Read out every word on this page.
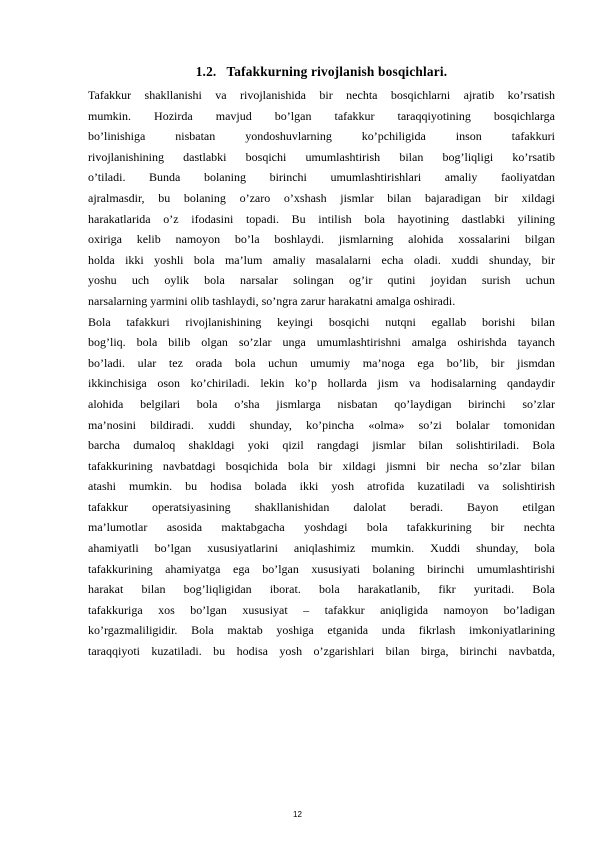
1.2. Tafakkurning rivojlanish bosqichlari.

Tafakkur shakllanishi va rivojlanishida bir nechta bosqichlarni ajratib ko’rsatish
mumkin. Hozirda mavjud bo’lgan tafakkur taraqqiyotining bosqichlarga
bo’linishiga nisbatan yondoshuvlarning ko’pchiligida inson tafakkuri
rivojlanishining dastlabki bosqichi umumlashtirish bilan bog’liqligi ko’rsatib
o’tiladi. Bunda bolaning birinchi umumlashtirishlari amaliy faoliyatdan
ajralmasdir, bu bolaning o’zaro o’xshash jismlar bilan bajaradigan bir xildagi
harakatlarida o’z ifodasini topadi. Bu intilish bola hayotining dastlabki yilining
oxiriga kelib namoyon bo’la boshlaydi. jismlarning alohida xossalarini bilgan
holda ikki yoshli bola ma’lum amaliy masalalarni echa oladi. xuddi shunday, bir
yoshu uch oylik bola narsalar solingan og’ir qutini joyidan surish uchun
narsalarning yarmini olib tashlaydi, so’ngra zarur harakatni amalga oshiradi.

Bola tafakkuri rivojlanishining keyingi bosqichi nutqni egallab borishi bilan
bog’liq. bola bilib olgan so’zlar unga umumlashtirishni amalga oshirishda tayanch
bo’ladi. ular tez orada bola uchun umumiy ma’noga ega bo’lib, bir jismdan
ikkinchisiga oson ko’chiriladi. lekin ko’p hollarda jism va hodisalarning qandaydir
alohida belgilari bola o’sha jismlarga nisbatan qo’laydigan birinchi so’zlar
ma’nosini bildiradi. xuddi shunday, ko’pincha «olma» so’zi bolalar tomonidan
barcha dumaloq shakldagi yoki qizil rangdagi jismlar bilan solishtiriladi. Bola
tafakkurining navbatdagi bosqichida bola bir xildagi jismni bir necha so’zlar bilan
atashi mumkin. bu hodisa bolada ikki yosh atrofida kuzatiladi va solishtirish
tafakkur operatsiyasining shakllanishidan dalolat beradi. Bayon etilgan
ma’lumotlar asosida maktabgacha yoshdagi bola tafakkurining bir nechta
ahamiyatli bo’lgan xususiyatlarini aniqlashimiz mumkin. Xuddi shunday, bola
tafakkurining ahamiyatga ega bo’lgan xususiyati bolaning birinchi umumlashtirishi
harakat bilan bog’liqligidan iborat. bola harakatlanib, fikr yuritadi. Bola
tafakkuriga xos bo’lgan xususiyat – tafakkur aniqligida namoyon bo’ladigan
ko’rgazmaliligidir. Bola maktab yoshiga etganida unda fikrlash imkoniyatlarining
taraqqiyoti kuzatiladi. bu hodisa yosh o’zgarishlari bilan birga, birinchi navbatda,

12
